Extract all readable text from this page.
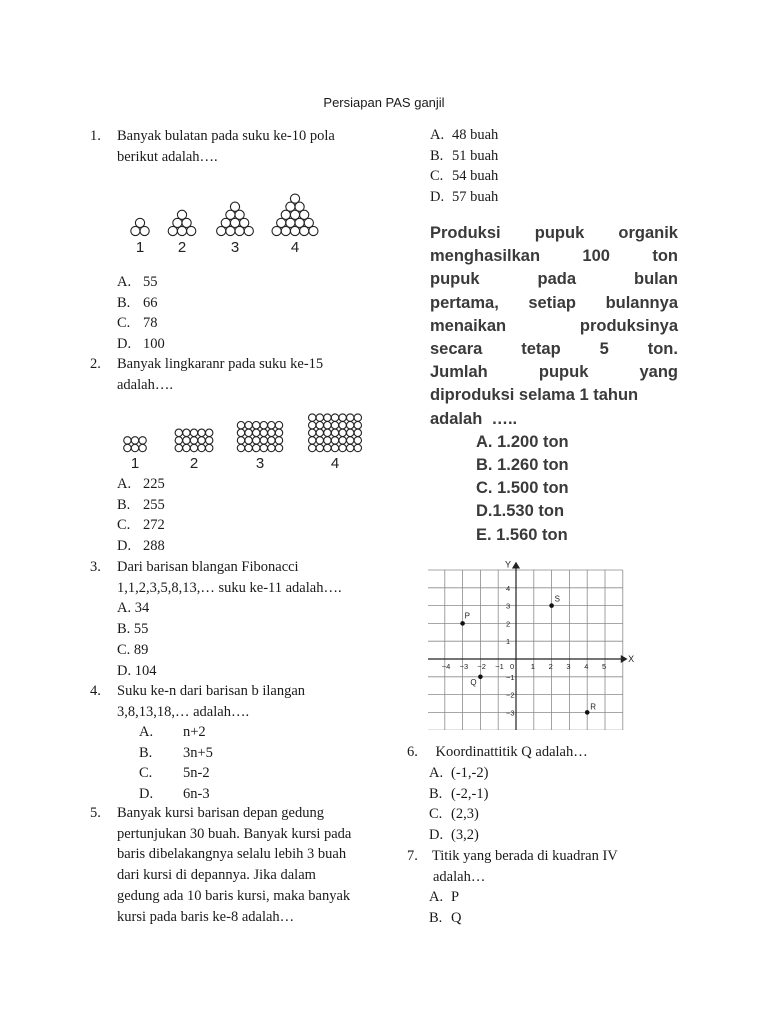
Persiapan PAS ganjil
1. Banyak bulatan pada suku ke-10 pola
berikut adalah….
1 2	3	4
A. 55
B. 66
C. 78
D. 100
2. Banyak lingkaranr pada suku ke-15
adalah….
1	2	3	4
A. 225
B. 255
C. 272
D. 288
3. Dari barisan blangan Fibonacci
1,1,2,3,5,8,13,… suku ke-11 adalah….
A. 34
B. 55
C. 89
D. 104
4. Suku ke-n dari barisan b ilangan
3,8,13,18,… adalah….
A. n+2
B. 3n+5
C. 5n-2
D. 6n-3
5. Banyak kursi barisan depan gedung
pertunjukan 30 buah. Banyak kursi pada
baris dibelakangnya selalu lebih 3 buah
dari kursi di depannya. Jika dalam
gedung ada 10 baris kursi, maka banyak
kursi pada baris ke-8 adalah…
A. 48 buah
B. 51 buah
C. 54 buah
D. 57 buah
Produksi pupuk organik
menghasilkan	100	ton
pupuk	pada	bulan
pertama, setiap bulannya
menaikan	produksinya
secara tetap 5 ton.
Jumlah	pupuk	yang
diproduksi selama 1 tahun
adalah  …..
A. 1.200 ton
B. 1.260 ton
C. 1.500 ton
D.1.530 ton
E. 1.560 ton
−4 −3 −2 −1 0 1 2 3 4 5
4
3
2
1
−1
−2
−3
P
S
Q
R
X
Y
6. Koordinattitik Q adalah…
A. (-1,-2)
B. (-2,-1)
C. (2,3)
D. (3,2)
7. Titik yang berada di kuadran IV
adalah…
A. P
B. Q
